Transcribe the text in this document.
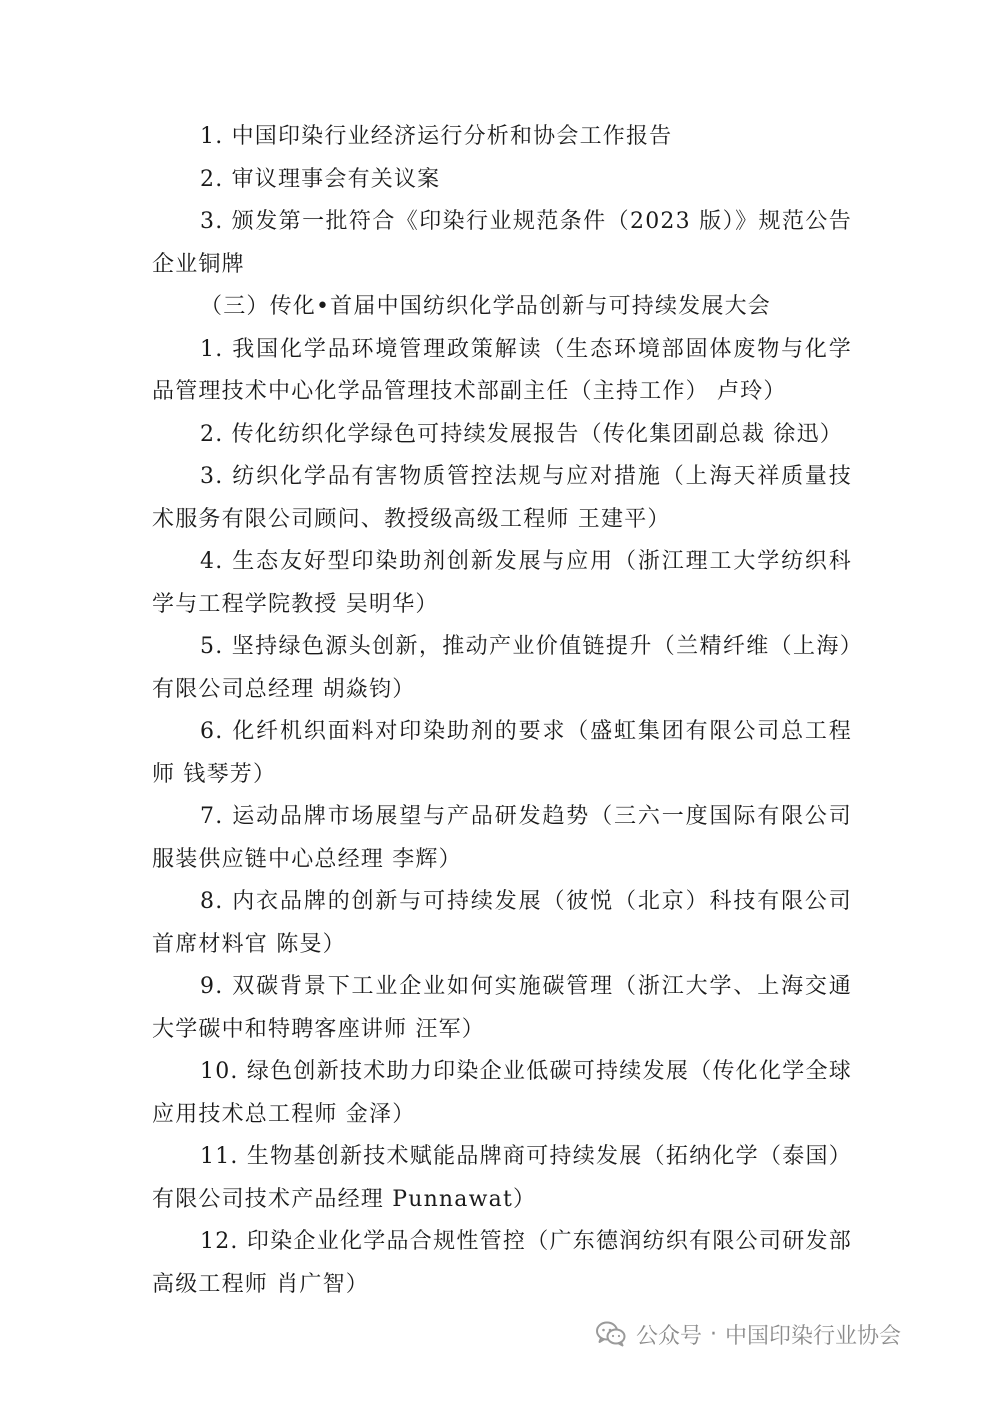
1. 中国印染行业经济运行分析和协会工作报告

2. 审议理事会有关议案

3. 颁发第一批符合《印染行业规范条件（2023 版）》规范公告企业铜牌

（三）传化•首届中国纺织化学品创新与可持续发展大会

1. 我国化学品环境管理政策解读（生态环境部固体废物与化学品管理技术中心化学品管理技术部副主任（主持工作） 卢玲）

2. 传化纺织化学绿色可持续发展报告（传化集团副总裁 徐迅）

3. 纺织化学品有害物质管控法规与应对措施（上海天祥质量技术服务有限公司顾问、教授级高级工程师 王建平）

4. 生态友好型印染助剂创新发展与应用（浙江理工大学纺织科学与工程学院教授 吴明华）

5. 坚持绿色源头创新，推动产业价值链提升（兰精纤维（上海）有限公司总经理 胡焱钧）

6. 化纤机织面料对印染助剂的要求（盛虹集团有限公司总工程师 钱琴芳）

7. 运动品牌市场展望与产品研发趋势（三六一度国际有限公司服装供应链中心总经理 李辉）

8. 内衣品牌的创新与可持续发展（彼悦（北京）科技有限公司首席材料官 陈旻）

9. 双碳背景下工业企业如何实施碳管理（浙江大学、上海交通大学碳中和特聘客座讲师 汪军）

10. 绿色创新技术助力印染企业低碳可持续发展（传化化学全球应用技术总工程师 金泽）

11. 生物基创新技术赋能品牌商可持续发展（拓纳化学（泰国）有限公司技术产品经理 Punnawat）

12. 印染企业化学品合规性管控（广东德润纺织有限公司研发部高级工程师 肖广智）

公众号 · 中国印染行业协会
